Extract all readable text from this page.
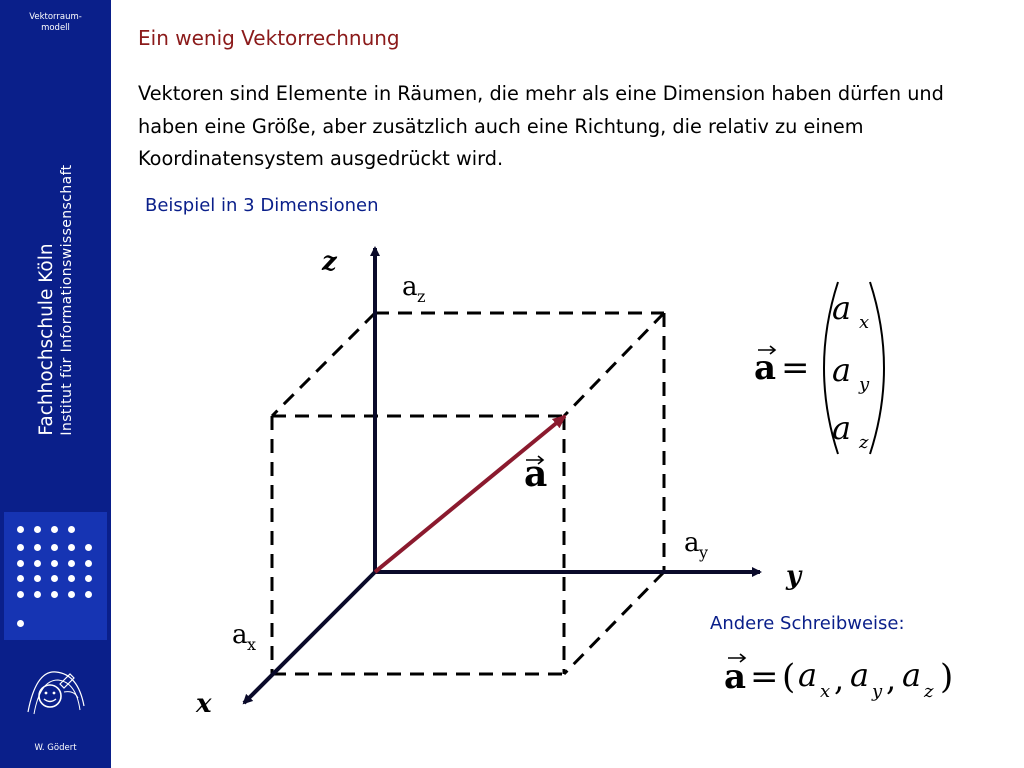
Vektorraum-
modell
Fachhochschule Köln Institut für Informationswissenschaft
W. Gödert
Ein wenig Vektorrechnung
Vektoren sind Elemente in Räumen, die mehr als eine Dimension haben dürfen und haben eine Größe, aber zusätzlich auch eine Richtung, die relativ zu einem Koordinatensystem ausgedrückt wird.
Beispiel in 3 Dimensionen
Andere Schreibweise:
z
y
x
a z
a y
a x
a
a =
a x
a y
a z
a = ( a x , a y , a z )
